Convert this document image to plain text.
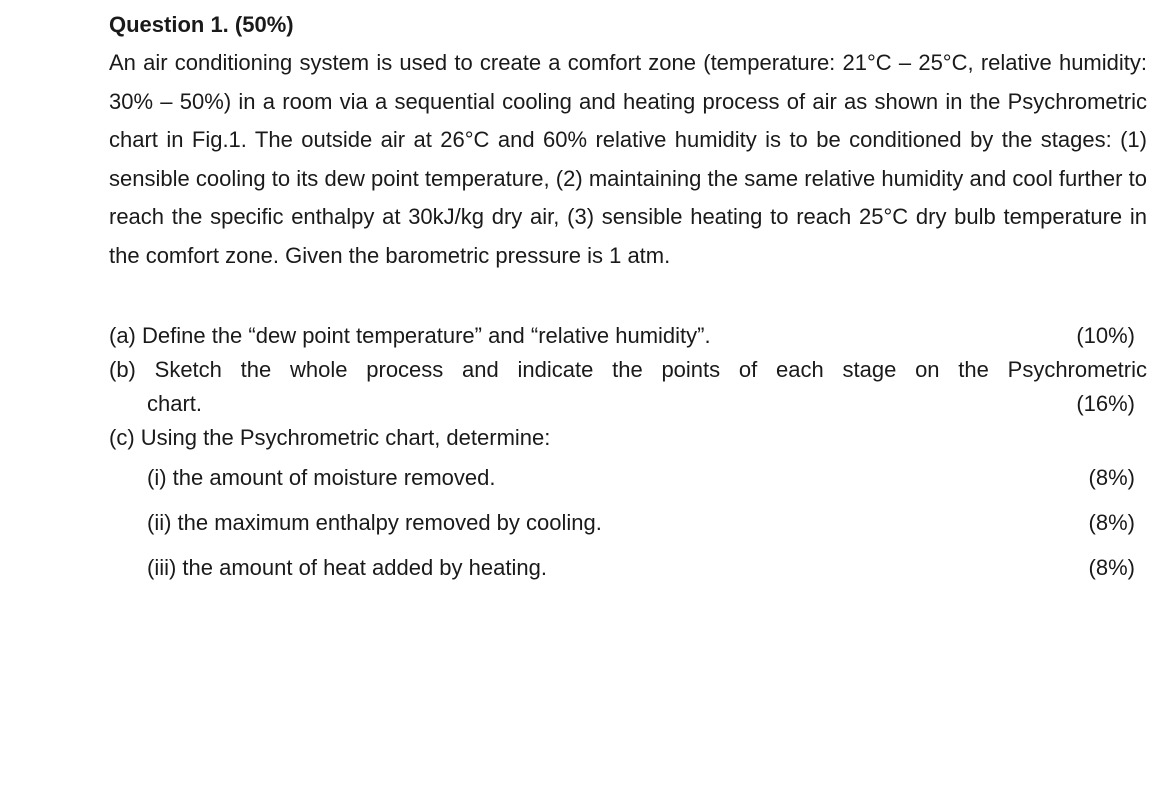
Question 1. (50%)

An air conditioning system is used to create a comfort zone (temperature: 21°C – 25°C, relative humidity: 30% – 50%) in a room via a sequential cooling and heating process of air as shown in the Psychrometric chart in Fig.1. The outside air at 26°C and 60% relative humidity is to be conditioned by the stages: (1) sensible cooling to its dew point temperature, (2) maintaining the same relative humidity and cool further to reach the specific enthalpy at 30kJ/kg dry air, (3) sensible heating to reach 25°C dry bulb temperature in the comfort zone. Given the barometric pressure is 1 atm.

(a) Define the “dew point temperature” and “relative humidity”.	(10%)
(b) Sketch the whole process and indicate the points of each stage on the Psychrometric
chart.	(16%)
(c) Using the Psychrometric chart, determine:
(i) the amount of moisture removed.	(8%)
(ii) the maximum enthalpy removed by cooling.	(8%)
(iii) the amount of heat added by heating.	(8%)
